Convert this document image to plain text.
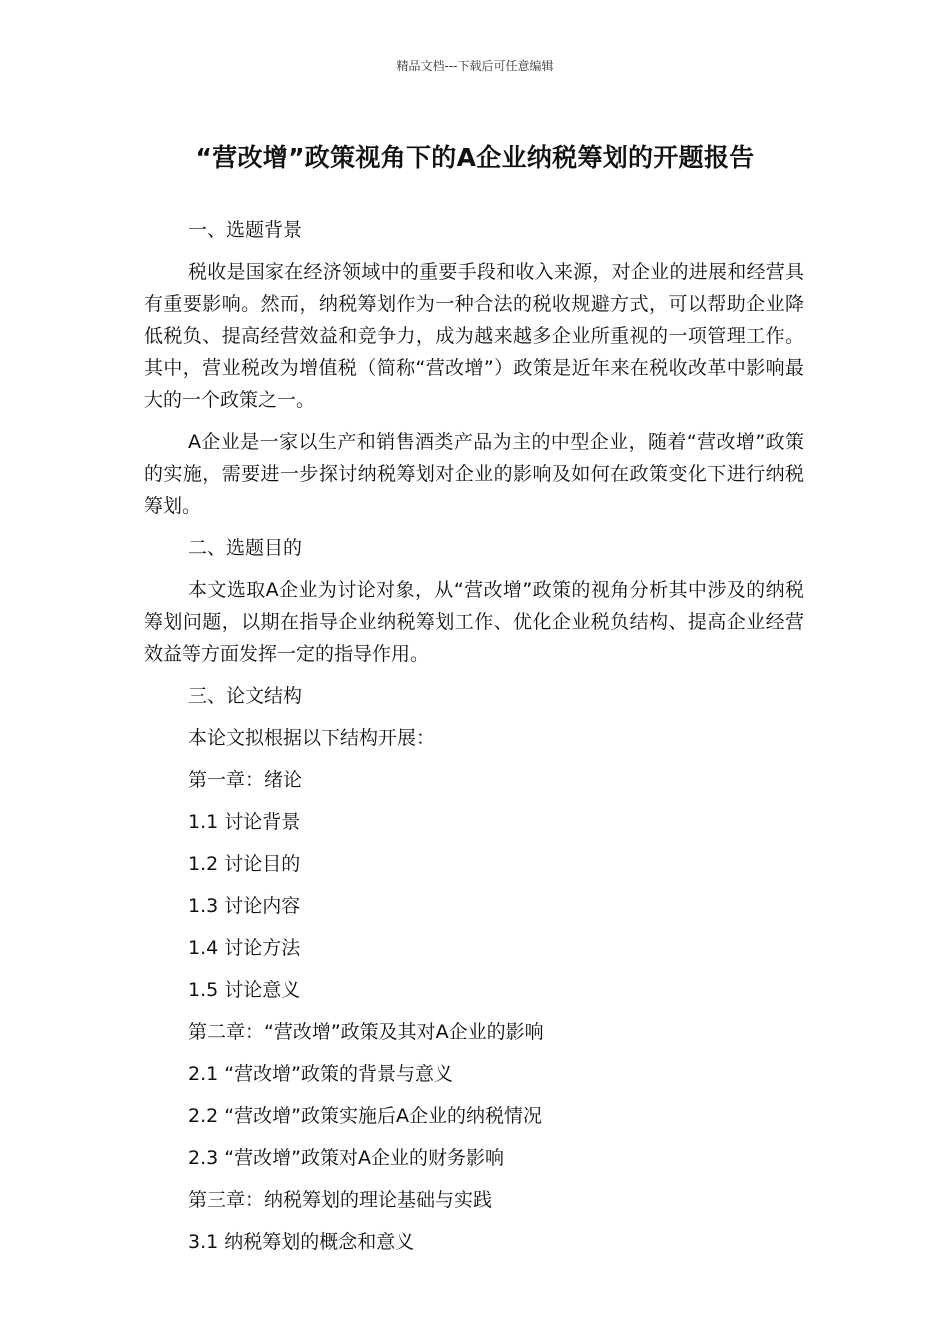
精品文档---下载后可任意编辑
“营改增”政策视角下的A企业纳税筹划的开题报告
一、选题背景
税收是国家在经济领域中的重要手段和收入来源，对企业的进展和经营具有重要影响。然而，纳税筹划作为一种合法的税收规避方式，可以帮助企业降低税负、提高经营效益和竞争力，成为越来越多企业所重视的一项管理工作。其中，营业税改为增值税（简称“营改增”）政策是近年来在税收改革中影响最大的一个政策之一。
A企业是一家以生产和销售酒类产品为主的中型企业，随着“营改增”政策的实施，需要进一步探讨纳税筹划对企业的影响及如何在政策变化下进行纳税筹划。
二、选题目的
本文选取A企业为讨论对象，从“营改增”政策的视角分析其中涉及的纳税筹划问题，以期在指导企业纳税筹划工作、优化企业税负结构、提高企业经营效益等方面发挥一定的指导作用。
三、论文结构
本论文拟根据以下结构开展：
第一章：绪论
1.1 讨论背景
1.2 讨论目的
1.3 讨论内容
1.4 讨论方法
1.5 讨论意义
第二章：“营改增”政策及其对A企业的影响
2.1 “营改增”政策的背景与意义
2.2 “营改增”政策实施后A企业的纳税情况
2.3 “营改增”政策对A企业的财务影响
第三章：纳税筹划的理论基础与实践
3.1 纳税筹划的概念和意义
